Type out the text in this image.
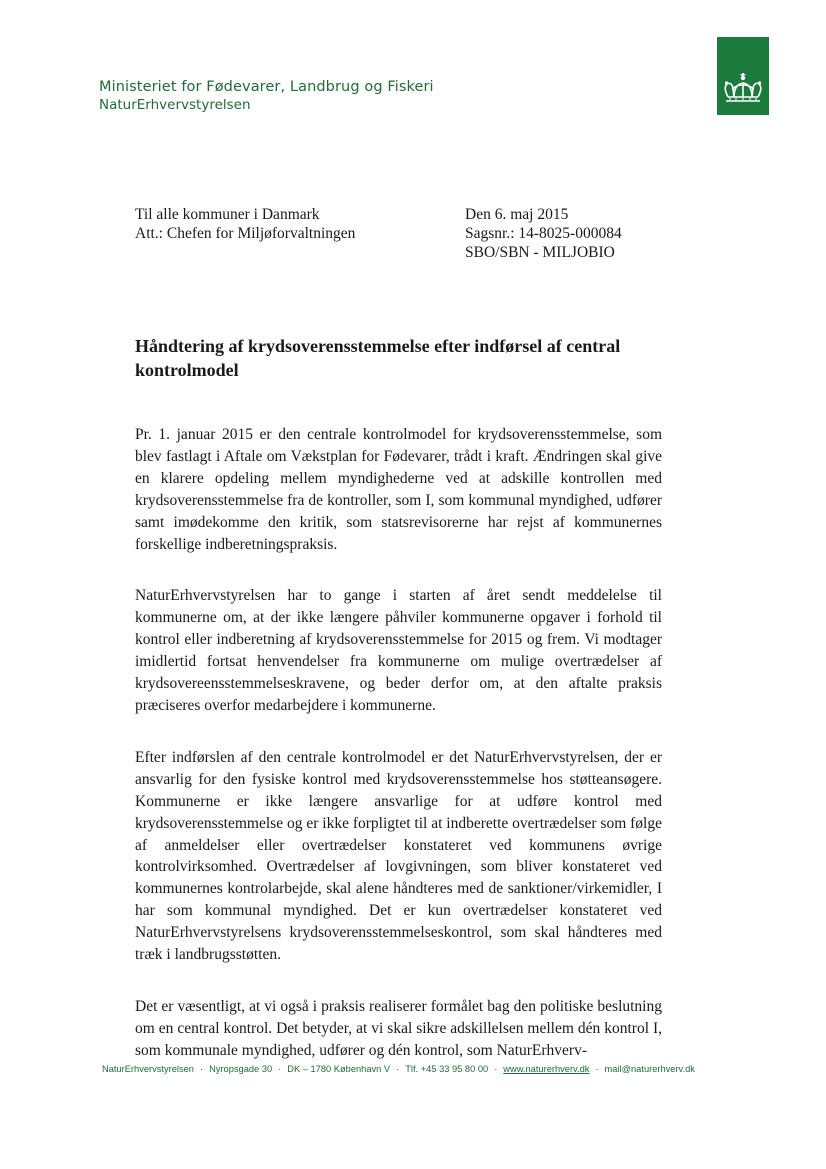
Ministeriet for Fødevarer, Landbrug og Fiskeri
NaturErhvervstyrelsen
Til alle kommuner i Danmark
Att.: Chefen for Miljøforvaltningen
Den 6. maj 2015
Sagsnr.: 14-8025-000084
SBO/SBN - MILJOBIO
Håndtering af krydsoverensstemmelse efter indførsel af central kontrolmodel

Pr. 1. januar 2015 er den centrale kontrolmodel for krydsoverensstemmelse, som blev fastlagt i Aftale om Vækstplan for Fødevarer, trådt i kraft. Ændringen skal give en klarere opdeling mellem myndighederne ved at adskille kontrollen med krydsoverensstemmelse fra de kontroller, som I, som kommunal myndighed, udfører samt imødekomme den kritik, som statsrevisorerne har rejst af kommunernes forskellige indberetningspraksis.

NaturErhvervstyrelsen har to gange i starten af året sendt meddelelse til kommunerne om, at der ikke længere påhviler kommunerne opgaver i forhold til kontrol eller indberetning af krydsoverensstemmelse for 2015 og frem. Vi modtager imidlertid fortsat henvendelser fra kommunerne om mulige overtrædelser af krydsovereensstemmelseskravene, og beder derfor om, at den aftalte praksis præciseres overfor medarbejdere i kommunerne.

Efter indførslen af den centrale kontrolmodel er det NaturErhvervstyrelsen, der er ansvarlig for den fysiske kontrol med krydsoverensstemmelse hos støtteansøgere. Kommunerne er ikke længere ansvarlige for at udføre kontrol med krydsoverensstemmelse og er ikke forpligtet til at indberette overtrædelser som følge af anmeldelser eller overtrædelser konstateret ved kommunens øvrige kontrolvirksomhed. Overtrædelser af lovgivningen, som bliver konstateret ved kommunernes kontrolarbejde, skal alene håndteres med de sanktioner/virkemidler, I har som kommunal myndighed. Det er kun overtrædelser konstateret ved NaturErhvervstyrelsens krydsoverensstemmelseskontrol, som skal håndteres med træk i landbrugsstøtten.

Det er væsentligt, at vi også i praksis realiserer formålet bag den politiske beslutning om en central kontrol. Det betyder, at vi skal sikre adskillelsen mellem dén kontrol I, som kommunale myndighed, udfører og dén kontrol, som NaturErhverv-

NaturErhvervstyrelsen · Nyropsgade 30 · DK – 1780 København V · Tlf. +45 33 95 80 00 · www.naturerhverv.dk · mail@naturerhverv.dk
